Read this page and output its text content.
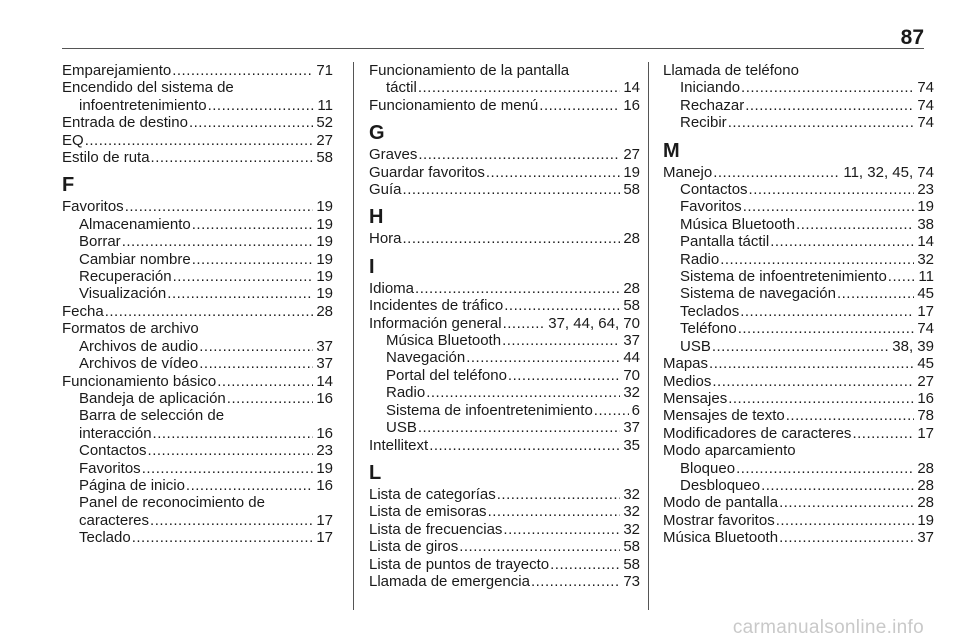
87
Emparejamiento .....	71
Encendido del sistema de
infoentretenimiento .....	11
Entrada de destino .....	52
EQ .....	27
Estilo de ruta .....	58
F
Favoritos .....	19
Almacenamiento .....	19
Borrar .....	19
Cambiar nombre .....	19
Recuperación .....	19
Visualización .....	19
Fecha .....	28
Formatos de archivo
Archivos de audio .....	37
Archivos de vídeo .....	37
Funcionamiento básico .....	14
Bandeja de aplicación .....	16
Barra de selección de
interacción .....	16
Contactos .....	23
Favoritos .....	19
Página de inicio .....	16
Panel de reconocimiento de
caracteres .....	17
Teclado .....	17
Funcionamiento de la pantalla
táctil .....	14
Funcionamiento de menú .....	16
G
Graves .....	27
Guardar favoritos .....	19
Guía .....	58
H
Hora .....	28
I
Idioma .....	28
Incidentes de tráfico .....	58
Información general .....	37, 44, 64, 70
Música Bluetooth .....	37
Navegación .....	44
Portal del teléfono .....	70
Radio .....	32
Sistema de infoentretenimiento .....	6
USB .....	37
Intellitext .....	35
L
Lista de categorías .....	32
Lista de emisoras .....	32
Lista de frecuencias .....	32
Lista de giros .....	58
Lista de puntos de trayecto .....	58
Llamada de emergencia .....	73
Llamada de teléfono
Iniciando .....	74
Rechazar .....	74
Recibir .....	74
M
Manejo .....	11, 32, 45, 74
Contactos .....	23
Favoritos .....	19
Música Bluetooth .....	38
Pantalla táctil .....	14
Radio .....	32
Sistema de infoentretenimiento ..... 11
Sistema de navegación .....	45
Teclados .....	17
Teléfono .....	74
USB .....	38, 39
Mapas .....	45
Medios .....	27
Mensajes .....	16
Mensajes de texto .....	78
Modificadores de caracteres .....	17
Modo aparcamiento
Bloqueo .....	28
Desbloqueo .....	28
Modo de pantalla .....	28
Mostrar favoritos .....	19
Música Bluetooth .....	37
carmanualsonline.info
